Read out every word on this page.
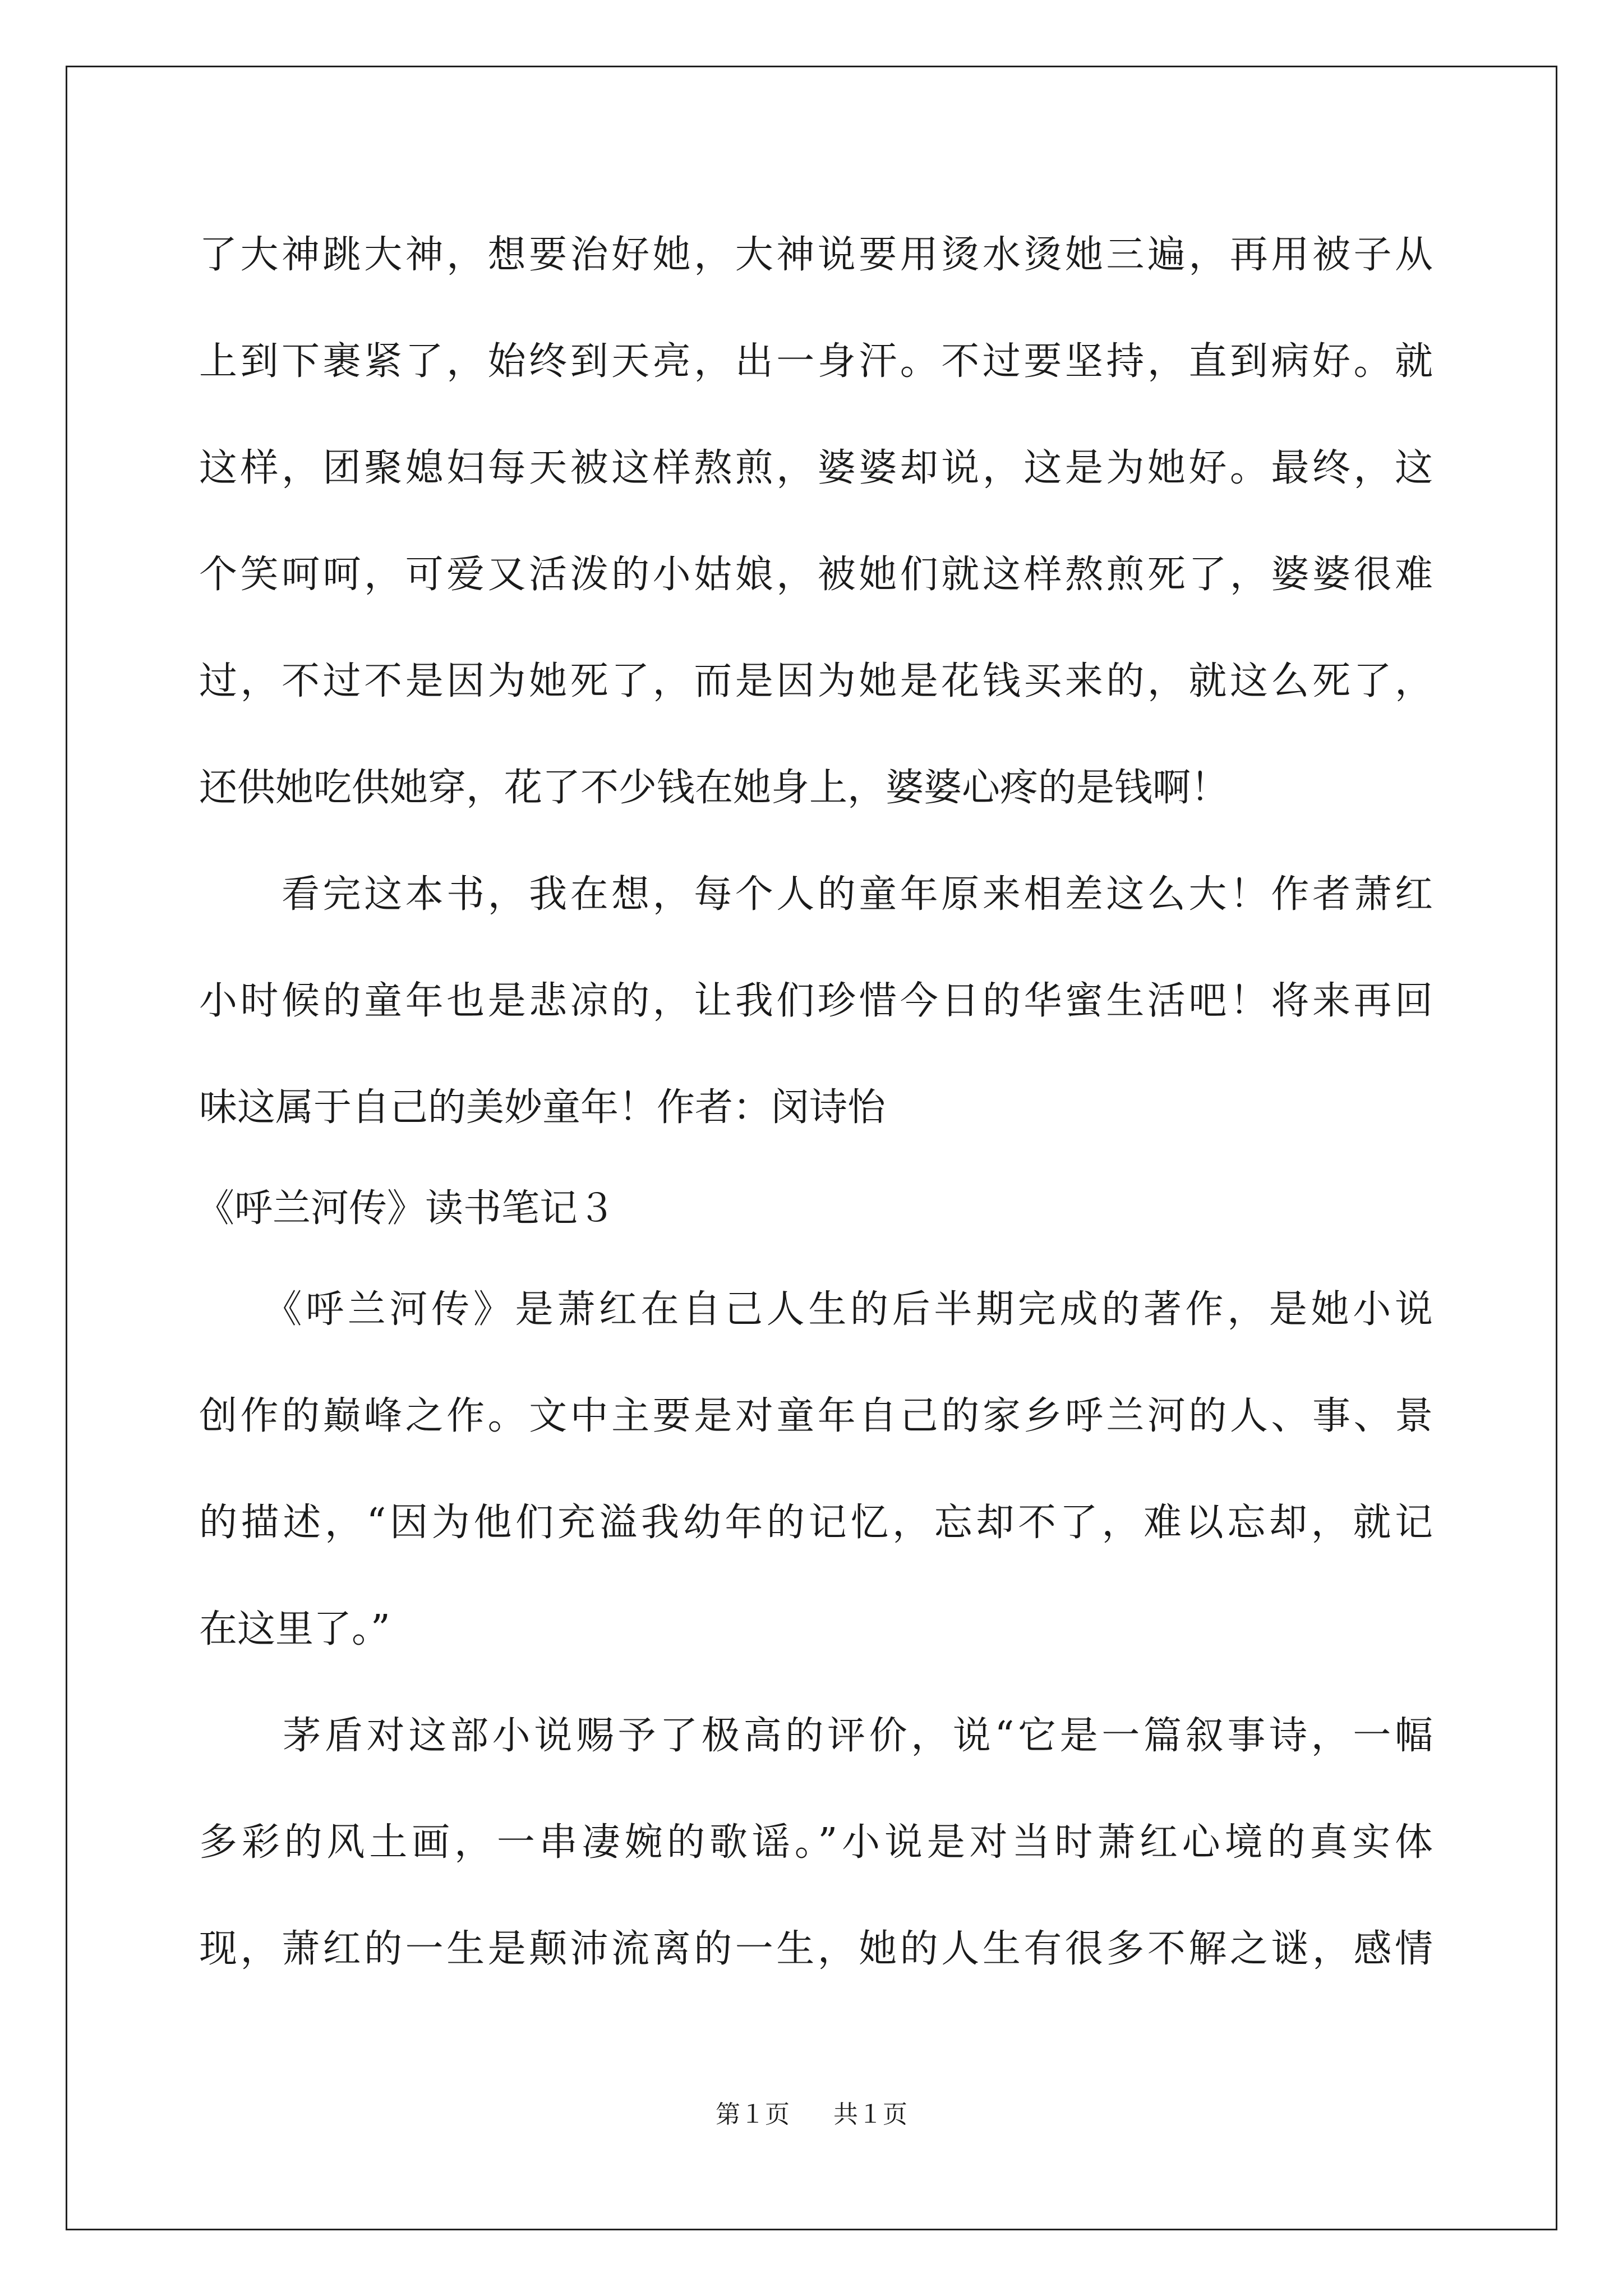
了大神跳大神，想要治好她，大神说要用烫水烫她三遍，再用被子从
上到下裹紧了，始终到天亮，出一身汗。不过要坚持，直到病好。就
这样，团聚媳妇每天被这样熬煎，婆婆却说，这是为她好。最终，这
个笑呵呵，可爱又活泼的小姑娘，被她们就这样熬煎死了，婆婆很难
过，不过不是因为她死了，而是因为她是花钱买来的，就这么死了，
还供她吃供她穿，花了不少钱在她身上，婆婆心疼的是钱啊！
　　看完这本书，我在想，每个人的童年原来相差这么大！作者萧红
小时候的童年也是悲凉的，让我们珍惜今日的华蜜生活吧！将来再回
味这属于自己的美妙童年！作者：闵诗怡
《呼兰河传》读书笔记３
　　《呼兰河传》是萧红在自己人生的后半期完成的著作，是她小说
创作的巅峰之作。文中主要是对童年自己的家乡呼兰河的人、事、景
的描述，“因为他们充溢我幼年的记忆，忘却不了，难以忘却，就记
在这里了。”
　　茅盾对这部小说赐予了极高的评价，说“它是一篇叙事诗，一幅
多彩的风土画，一串凄婉的歌谣。”小说是对当时萧红心境的真实体
现，萧红的一生是颠沛流离的一生，她的人生有很多不解之谜，感情
第１页 共１页
